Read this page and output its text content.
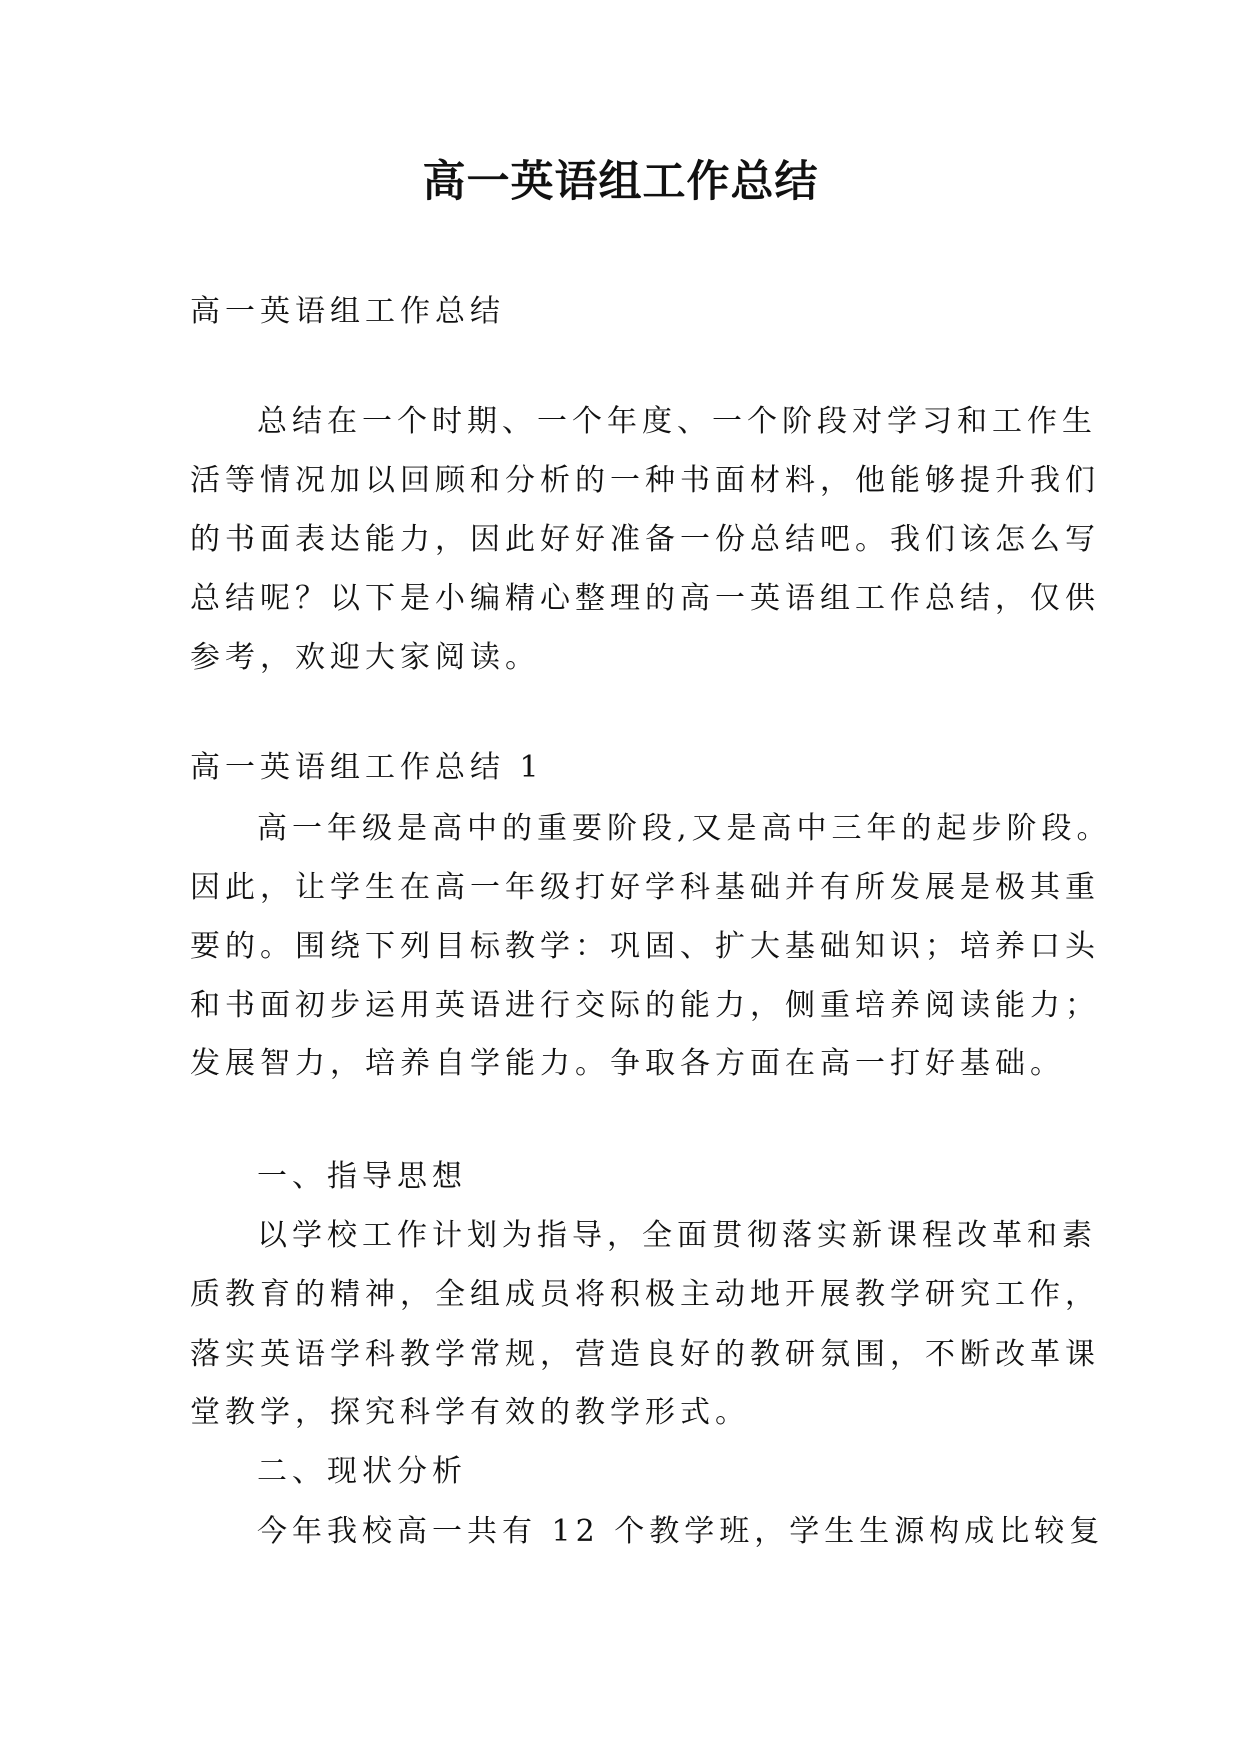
高一英语组工作总结

高一英语组工作总结

总结在一个时期、一个年度、一个阶段对学习和工作生

活等情况加以回顾和分析的一种书面材料，他能够提升我们

的书面表达能力，因此好好准备一份总结吧。我们该怎么写

总结呢？以下是小编精心整理的高一英语组工作总结，仅供

参考，欢迎大家阅读。

高一英语组工作总结 1

高一年级是高中的重要阶段,又是高中三年的起步阶段。

因此，让学生在高一年级打好学科基础并有所发展是极其重

要的。围绕下列目标教学：巩固、扩大基础知识；培养口头

和书面初步运用英语进行交际的能力，侧重培养阅读能力；

发展智力，培养自学能力。争取各方面在高一打好基础。

一、指导思想

以学校工作计划为指导，全面贯彻落实新课程改革和素

质教育的精神，全组成员将积极主动地开展教学研究工作，

落实英语学科教学常规，营造良好的教研氛围，不断改革课

堂教学，探究科学有效的教学形式。

二、现状分析

今年我校高一共有 12 个教学班，学生生源构成比较复
